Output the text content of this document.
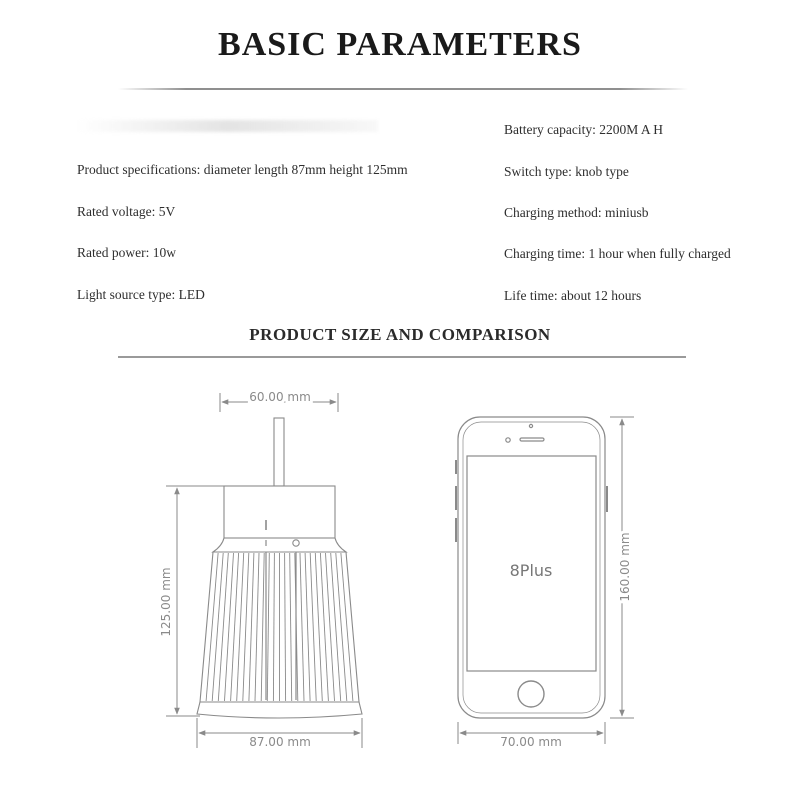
BASIC PARAMETERS
Product specifications: diameter length 87mm height 125mm
Rated voltage: 5V
Rated power: 10w
Light source type: LED
Battery capacity: 2200M A H
Switch type: knob type
Charging method: miniusb
Charging time: 1 hour when fully charged
Life time: about 12 hours
PRODUCT SIZE AND COMPARISON
60.00 mm
125.00 mm
87.00 mm
8Plus	160.00 mm
70.00 mm
